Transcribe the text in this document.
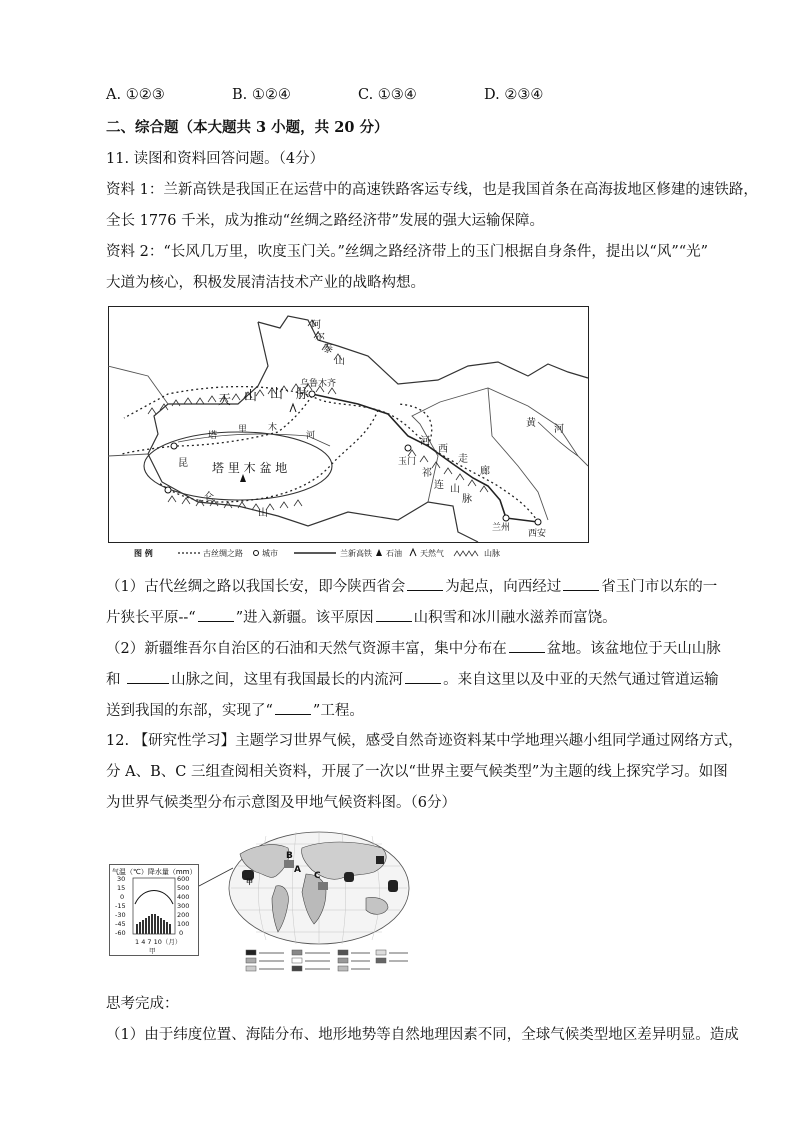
A. ①②③	B. ①②④	C. ①③④	D. ②③④
二、综合题（本大题共 3 小题，共 20 分）
11. 读图和资料回答问题。（4分）
资料 1：兰新高铁是我国正在运营中的高速铁路客运专线，也是我国首条在高海拔地区修建的速铁路，
全长 1776 千米，成为推动“丝绸之路经济带”发展的强大运输保障。
资料 2：“长风几万里，吹度玉门关。”丝绸之路经济带上的玉门根据自身条件，提出以“风”“光”
大道为核心，积极发展清洁技术产业的战略构想。
阿
尔
泰
山
乌鲁木齐
天 山 山 脉
塔 里 木 盆 地
昆
仑
山
塔
里 木
河	河
西
走
廊
祁
连 山
脉
玉门
兰州
西安
黄
河
图 例	古丝绸之路 城市	兰新高铁 石油 天然气	山脉
（1）古代丝绸之路以我国长安，即今陕西省会	为起点，向西经过	省玉门市以东的一
片狭长平原--“	”进入新疆。该平原因	山积雪和冰川融水滋养而富饶。
（2）新疆维吾尔自治区的石油和天然气资源丰富，集中分布在	盆地。该盆地位于天山山脉
和	山脉之间，这里有我国最长的内流河	。来自这里以及中亚的天然气通过管道运输
送到我国的东部，实现了“	”工程。
12. 【研究性学习】主题学习世界气候，感受自然奇迹资料某中学地理兴趣小组同学通过网络方式，
分 A、B、C 三组查阅相关资料，开展了一次以“世界主要气候类型”为主题的线上探究学习。如图
为世界气候类型分布示意图及甲地气候资料图。（6分）
气温（℃）降水量（mm）
30
15
0
-15
-30
-45
-60
600
500
400
300
200
100
0
1 4 7 10（月）
甲
B
A
C
甲
思考完成：
（1）由于纬度位置、海陆分布、地形地势等自然地理因素不同，全球气候类型地区差异明显。造成
